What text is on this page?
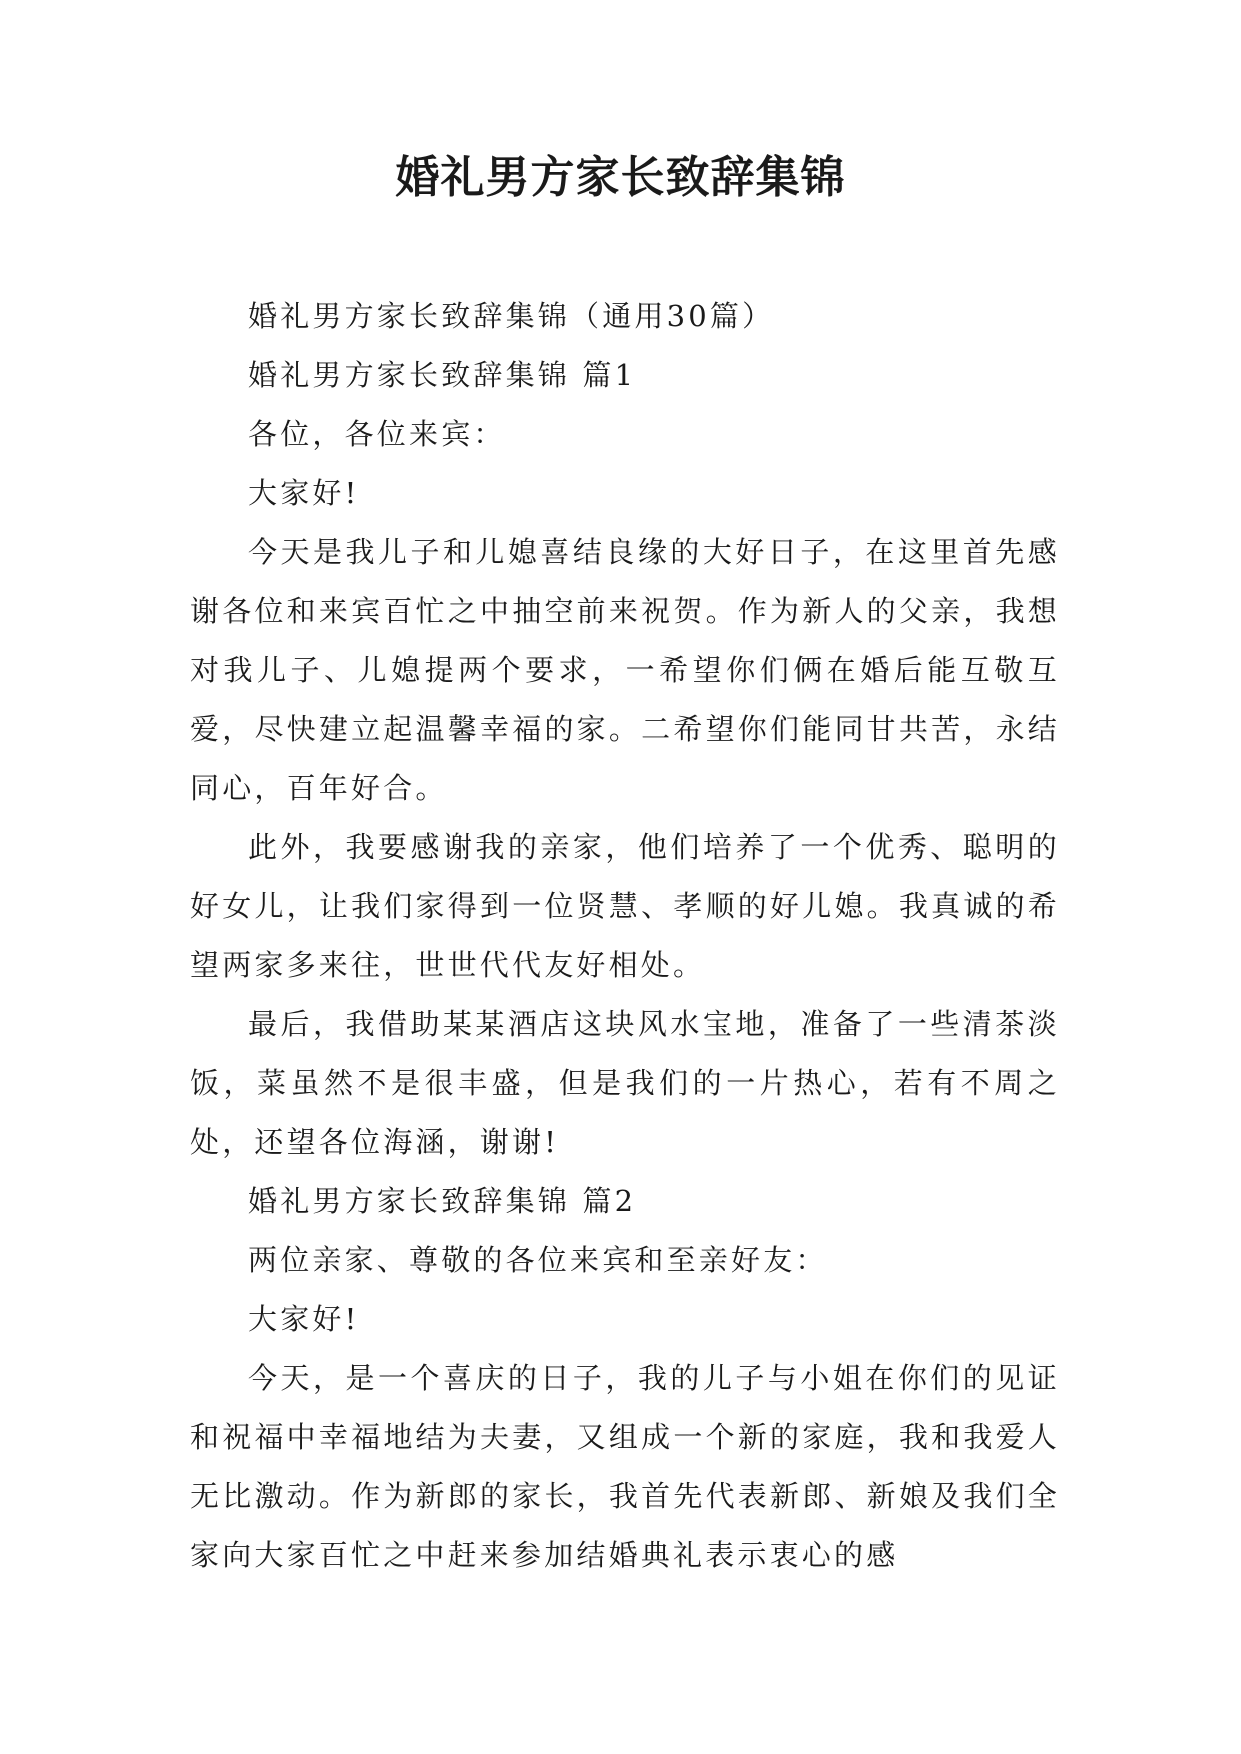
婚礼男方家长致辞集锦

婚礼男方家长致辞集锦（通用30篇）

婚礼男方家长致辞集锦 篇1

各位，各位来宾：

大家好!

今天是我儿子和儿媳喜结良缘的大好日子，在这里首先感谢各位和来宾百忙之中抽空前来祝贺。作为新人的父亲，我想对我儿子、儿媳提两个要求，一希望你们俩在婚后能互敬互爱，尽快建立起温馨幸福的家。二希望你们能同甘共苦，永结同心，百年好合。

此外，我要感谢我的亲家，他们培养了一个优秀、聪明的好女儿，让我们家得到一位贤慧、孝顺的好儿媳。我真诚的希望两家多来往，世世代代友好相处。

最后，我借助某某酒店这块风水宝地，准备了一些清茶淡饭，菜虽然不是很丰盛，但是我们的一片热心，若有不周之处，还望各位海涵，谢谢!

婚礼男方家长致辞集锦 篇2

两位亲家、尊敬的各位来宾和至亲好友：

大家好!

今天，是一个喜庆的日子，我的儿子与小姐在你们的见证和祝福中幸福地结为夫妻，又组成一个新的家庭，我和我爱人无比激动。作为新郎的家长，我首先代表新郎、新娘及我们全家向大家百忙之中赶来参加结婚典礼表示衷心的感
